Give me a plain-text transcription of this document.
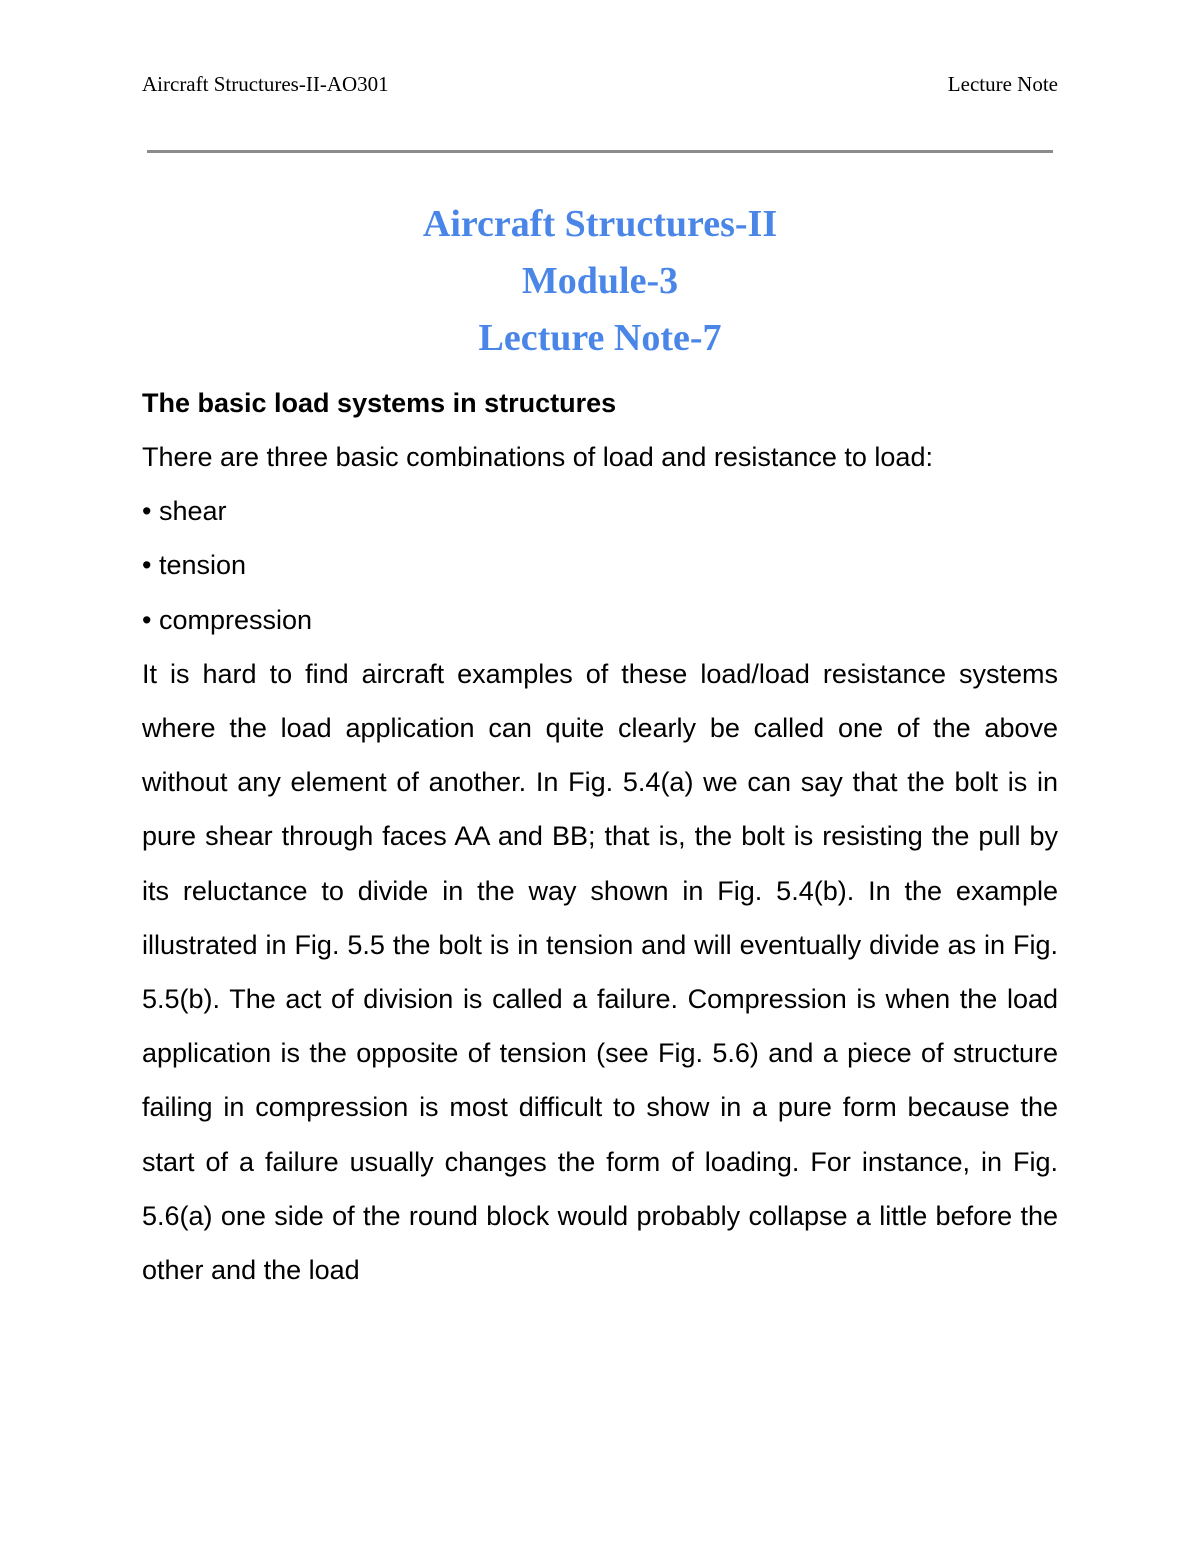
Aircraft Structures-II-AO301	Lecture Note
Aircraft Structures-II
Module-3
Lecture Note-7
The basic load systems in structures

There are three basic combinations of load and resistance to load:

• shear

• tension

• compression

It is hard to find aircraft examples of these load/load resistance systems where the load application can quite clearly be called one of the above without any element of another. In Fig. 5.4(a) we can say that the bolt is in pure shear through faces AA and BB; that is, the bolt is resisting the pull by its reluctance to divide in the way shown in Fig. 5.4(b). In the example illustrated in Fig. 5.5 the bolt is in tension and will eventually divide as in Fig. 5.5(b). The act of division is called a failure. Compression is when the load application is the opposite of tension (see Fig. 5.6) and a piece of structure failing in compression is most difficult to show in a pure form because the start of a failure usually changes the form of loading. For instance, in Fig. 5.6(a) one side of the round block would probably collapse a little before the other and the load
